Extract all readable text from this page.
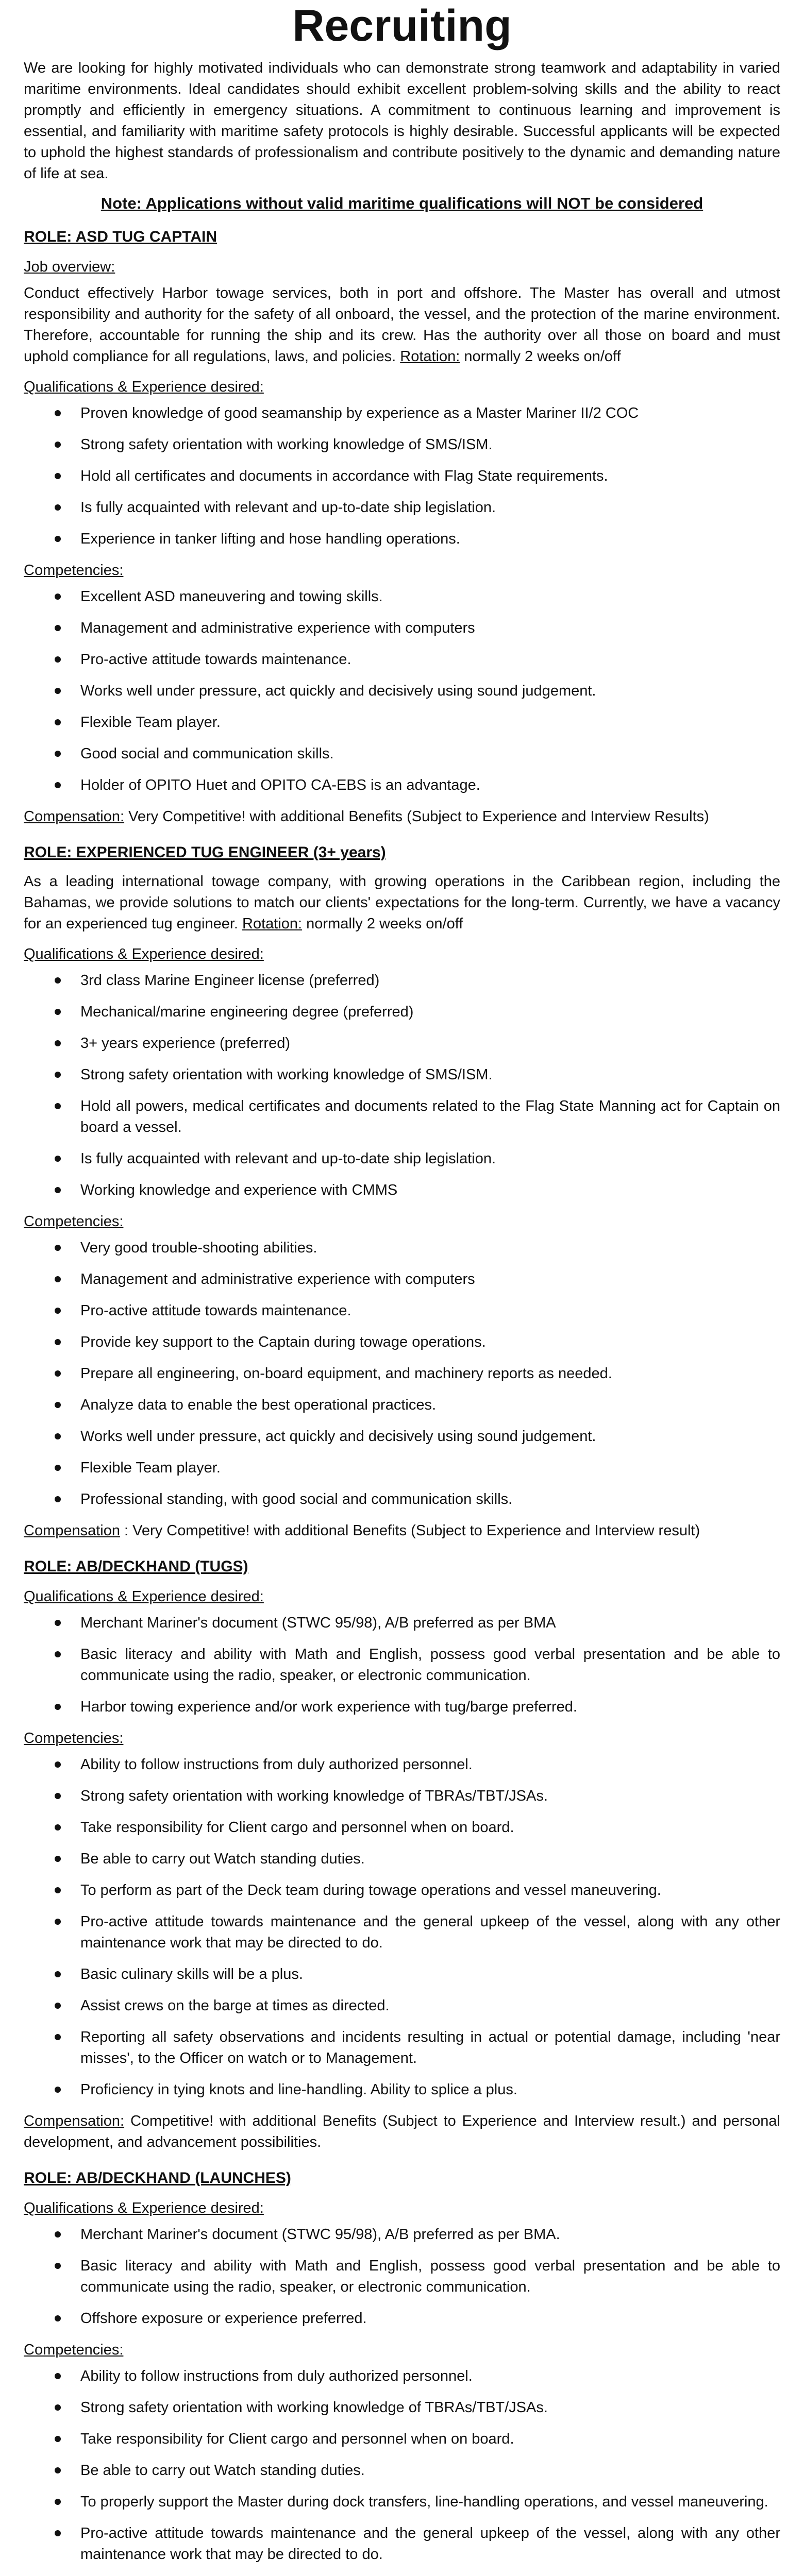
Recruiting

We are looking for highly motivated individuals who can demonstrate strong teamwork and adaptability in varied maritime environments. Ideal candidates should exhibit excellent problem-solving skills and the ability to react promptly and efficiently in emergency situations. A commitment to continuous learning and improvement is essential, and familiarity with maritime safety protocols is highly desirable. Successful applicants will be expected to uphold the highest standards of professionalism and contribute positively to the dynamic and demanding nature of life at sea.

Note: Applications without valid maritime qualifications will NOT be considered
ROLE: ASD TUG CAPTAIN
Job overview:

Conduct effectively Harbor towage services, both in port and offshore. The Master has overall and utmost responsibility and authority for the safety of all onboard, the vessel, and the protection of the marine environment. Therefore, accountable for running the ship and its crew. Has the authority over all those on board and must uphold compliance for all regulations, laws, and policies. Rotation: normally 2 weeks on/off

Qualifications & Experience desired:
Proven knowledge of good seamanship by experience as a Master Mariner II/2 COC
Strong safety orientation with working knowledge of SMS/ISM.
Hold all certificates and documents in accordance with Flag State requirements.
Is fully acquainted with relevant and up-to-date ship legislation.
Experience in tanker lifting and hose handling operations.
Competencies:
Excellent ASD maneuvering and towing skills.
Management and administrative experience with computers
Pro-active attitude towards maintenance.
Works well under pressure, act quickly and decisively using sound judgement.
Flexible Team player.
Good social and communication skills.
Holder of OPITO Huet and OPITO CA-EBS is an advantage.

Compensation: Very Competitive! with additional Benefits (Subject to Experience and Interview Results)

ROLE: EXPERIENCED TUG ENGINEER (3+ years)

As a leading international towage company, with growing operations in the Caribbean region, including the Bahamas, we provide solutions to match our clients' expectations for the long-term. Currently, we have a vacancy for an experienced tug engineer. Rotation: normally 2 weeks on/off

Qualifications & Experience desired:
3rd class Marine Engineer license (preferred)
Mechanical/marine engineering degree (preferred)
3+ years experience (preferred)
Strong safety orientation with working knowledge of SMS/ISM.
Hold all powers, medical certificates and documents related to the Flag State Manning act for Captain on board a vessel.
Is fully acquainted with relevant and up-to-date ship legislation.
Working knowledge and experience with CMMS
Competencies:
Very good trouble-shooting abilities.
Management and administrative experience with computers
Pro-active attitude towards maintenance.
Provide key support to the Captain during towage operations.
Prepare all engineering, on-board equipment, and machinery reports as needed.
Analyze data to enable the best operational practices.
Works well under pressure, act quickly and decisively using sound judgement.
Flexible Team player.
Professional standing, with good social and communication skills.

Compensation : Very Competitive! with additional Benefits (Subject to Experience and Interview result)

ROLE: AB/DECKHAND (TUGS)
Qualifications & Experience desired:
Merchant Mariner's document (STWC 95/98), A/B preferred as per BMA
Basic literacy and ability with Math and English, possess good verbal presentation and be able to communicate using the radio, speaker, or electronic communication.
Harbor towing experience and/or work experience with tug/barge preferred.
Competencies:
Ability to follow instructions from duly authorized personnel.
Strong safety orientation with working knowledge of TBRAs/TBT/JSAs.
Take responsibility for Client cargo and personnel when on board.
Be able to carry out Watch standing duties.
To perform as part of the Deck team during towage operations and vessel maneuvering.
Pro-active attitude towards maintenance and the general upkeep of the vessel, along with any other maintenance work that may be directed to do.
Basic culinary skills will be a plus.
Assist crews on the barge at times as directed.
Reporting all safety observations and incidents resulting in actual or potential damage, including 'near misses', to the Officer on watch or to Management.
Proficiency in tying knots and line-handling. Ability to splice a plus.

Compensation: Competitive! with additional Benefits (Subject to Experience and Interview result.) and personal development, and advancement possibilities.

ROLE: AB/DECKHAND (LAUNCHES)
Qualifications & Experience desired:
Merchant Mariner's document (STWC 95/98), A/B preferred as per BMA.
Basic literacy and ability with Math and English, possess good verbal presentation and be able to communicate using the radio, speaker, or electronic communication.
Offshore exposure or experience preferred.
Competencies:
Ability to follow instructions from duly authorized personnel.
Strong safety orientation with working knowledge of TBRAs/TBT/JSAs.
Take responsibility for Client cargo and personnel when on board.
Be able to carry out Watch standing duties.
To properly support the Master during dock transfers, line-handling operations, and vessel maneuvering.
Pro-active attitude towards maintenance and the general upkeep of the vessel, along with any other maintenance work that may be directed to do.
